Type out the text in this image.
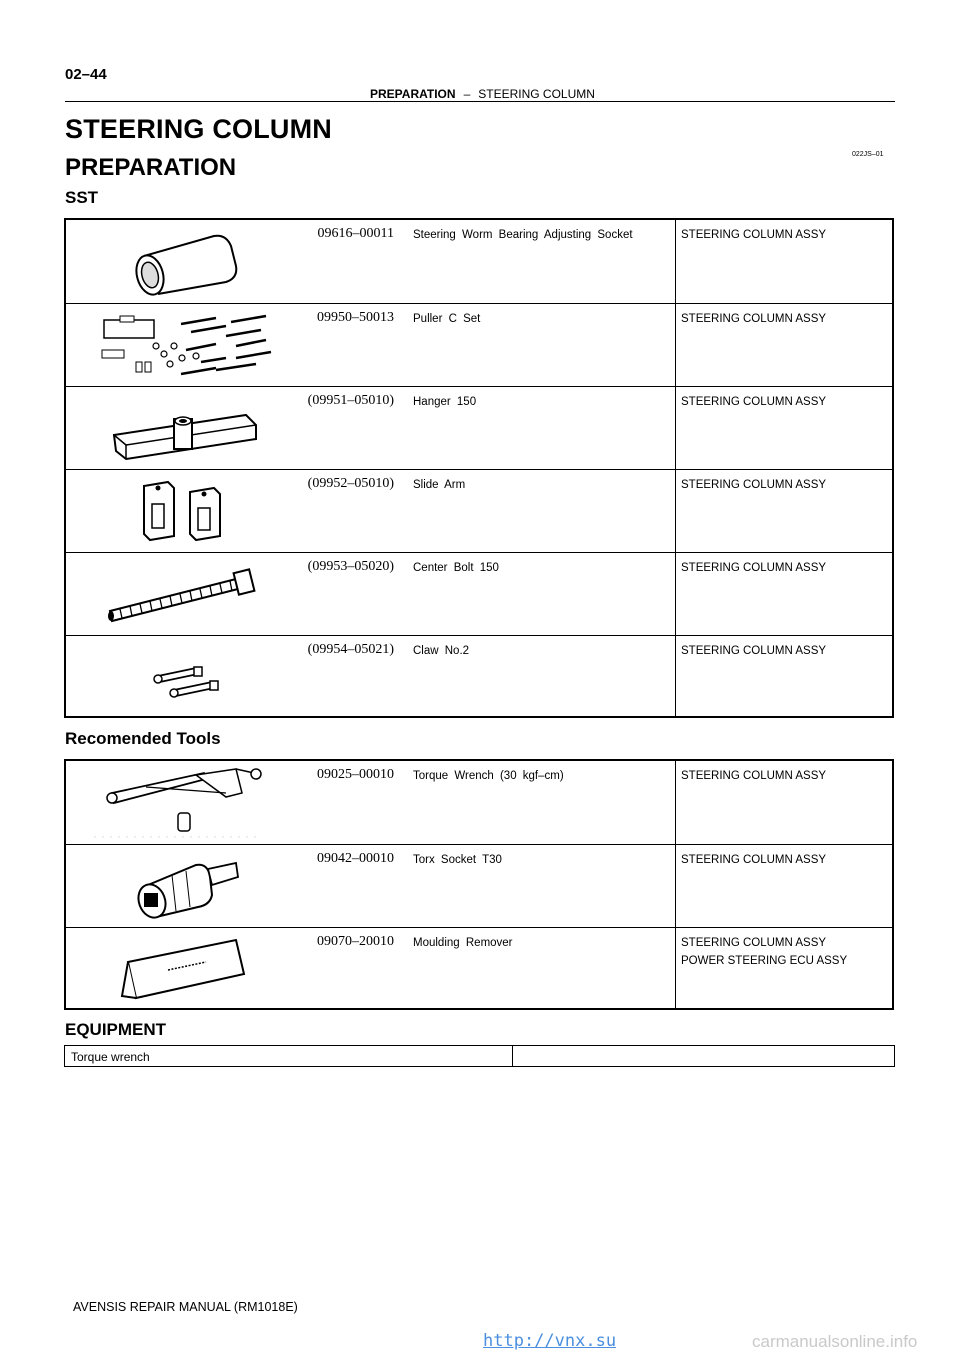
02–44
PREPARATION – STEERING COLUMN
STEERING COLUMN
PREPARATION	022JS–01
SST
09616–00011 Steering Worm Bearing Adjusting Socket	STEERING COLUMN ASSY
09950–50013 Puller C Set	STEERING COLUMN ASSY
(09951–05010) Hanger 150	STEERING COLUMN ASSY
(09952–05010) Slide Arm	STEERING COLUMN ASSY
(09953–05020) Center Bolt 150	STEERING COLUMN ASSY
(09954–05021) Claw No.2	STEERING COLUMN ASSY
Recomended Tools
09025–00010 Torque Wrench (30 kgf–cm)	STEERING COLUMN ASSY
09042–00010 Torx Socket T30	STEERING COLUMN ASSY
09070–20010 Moulding Remover	STEERING COLUMN ASSY
POWER STEERING ECU ASSY
EQUIPMENT
Torque wrench
AVENSIS REPAIR MANUAL (RM1018E)
http://vnx.su	carmanualsonline.info
